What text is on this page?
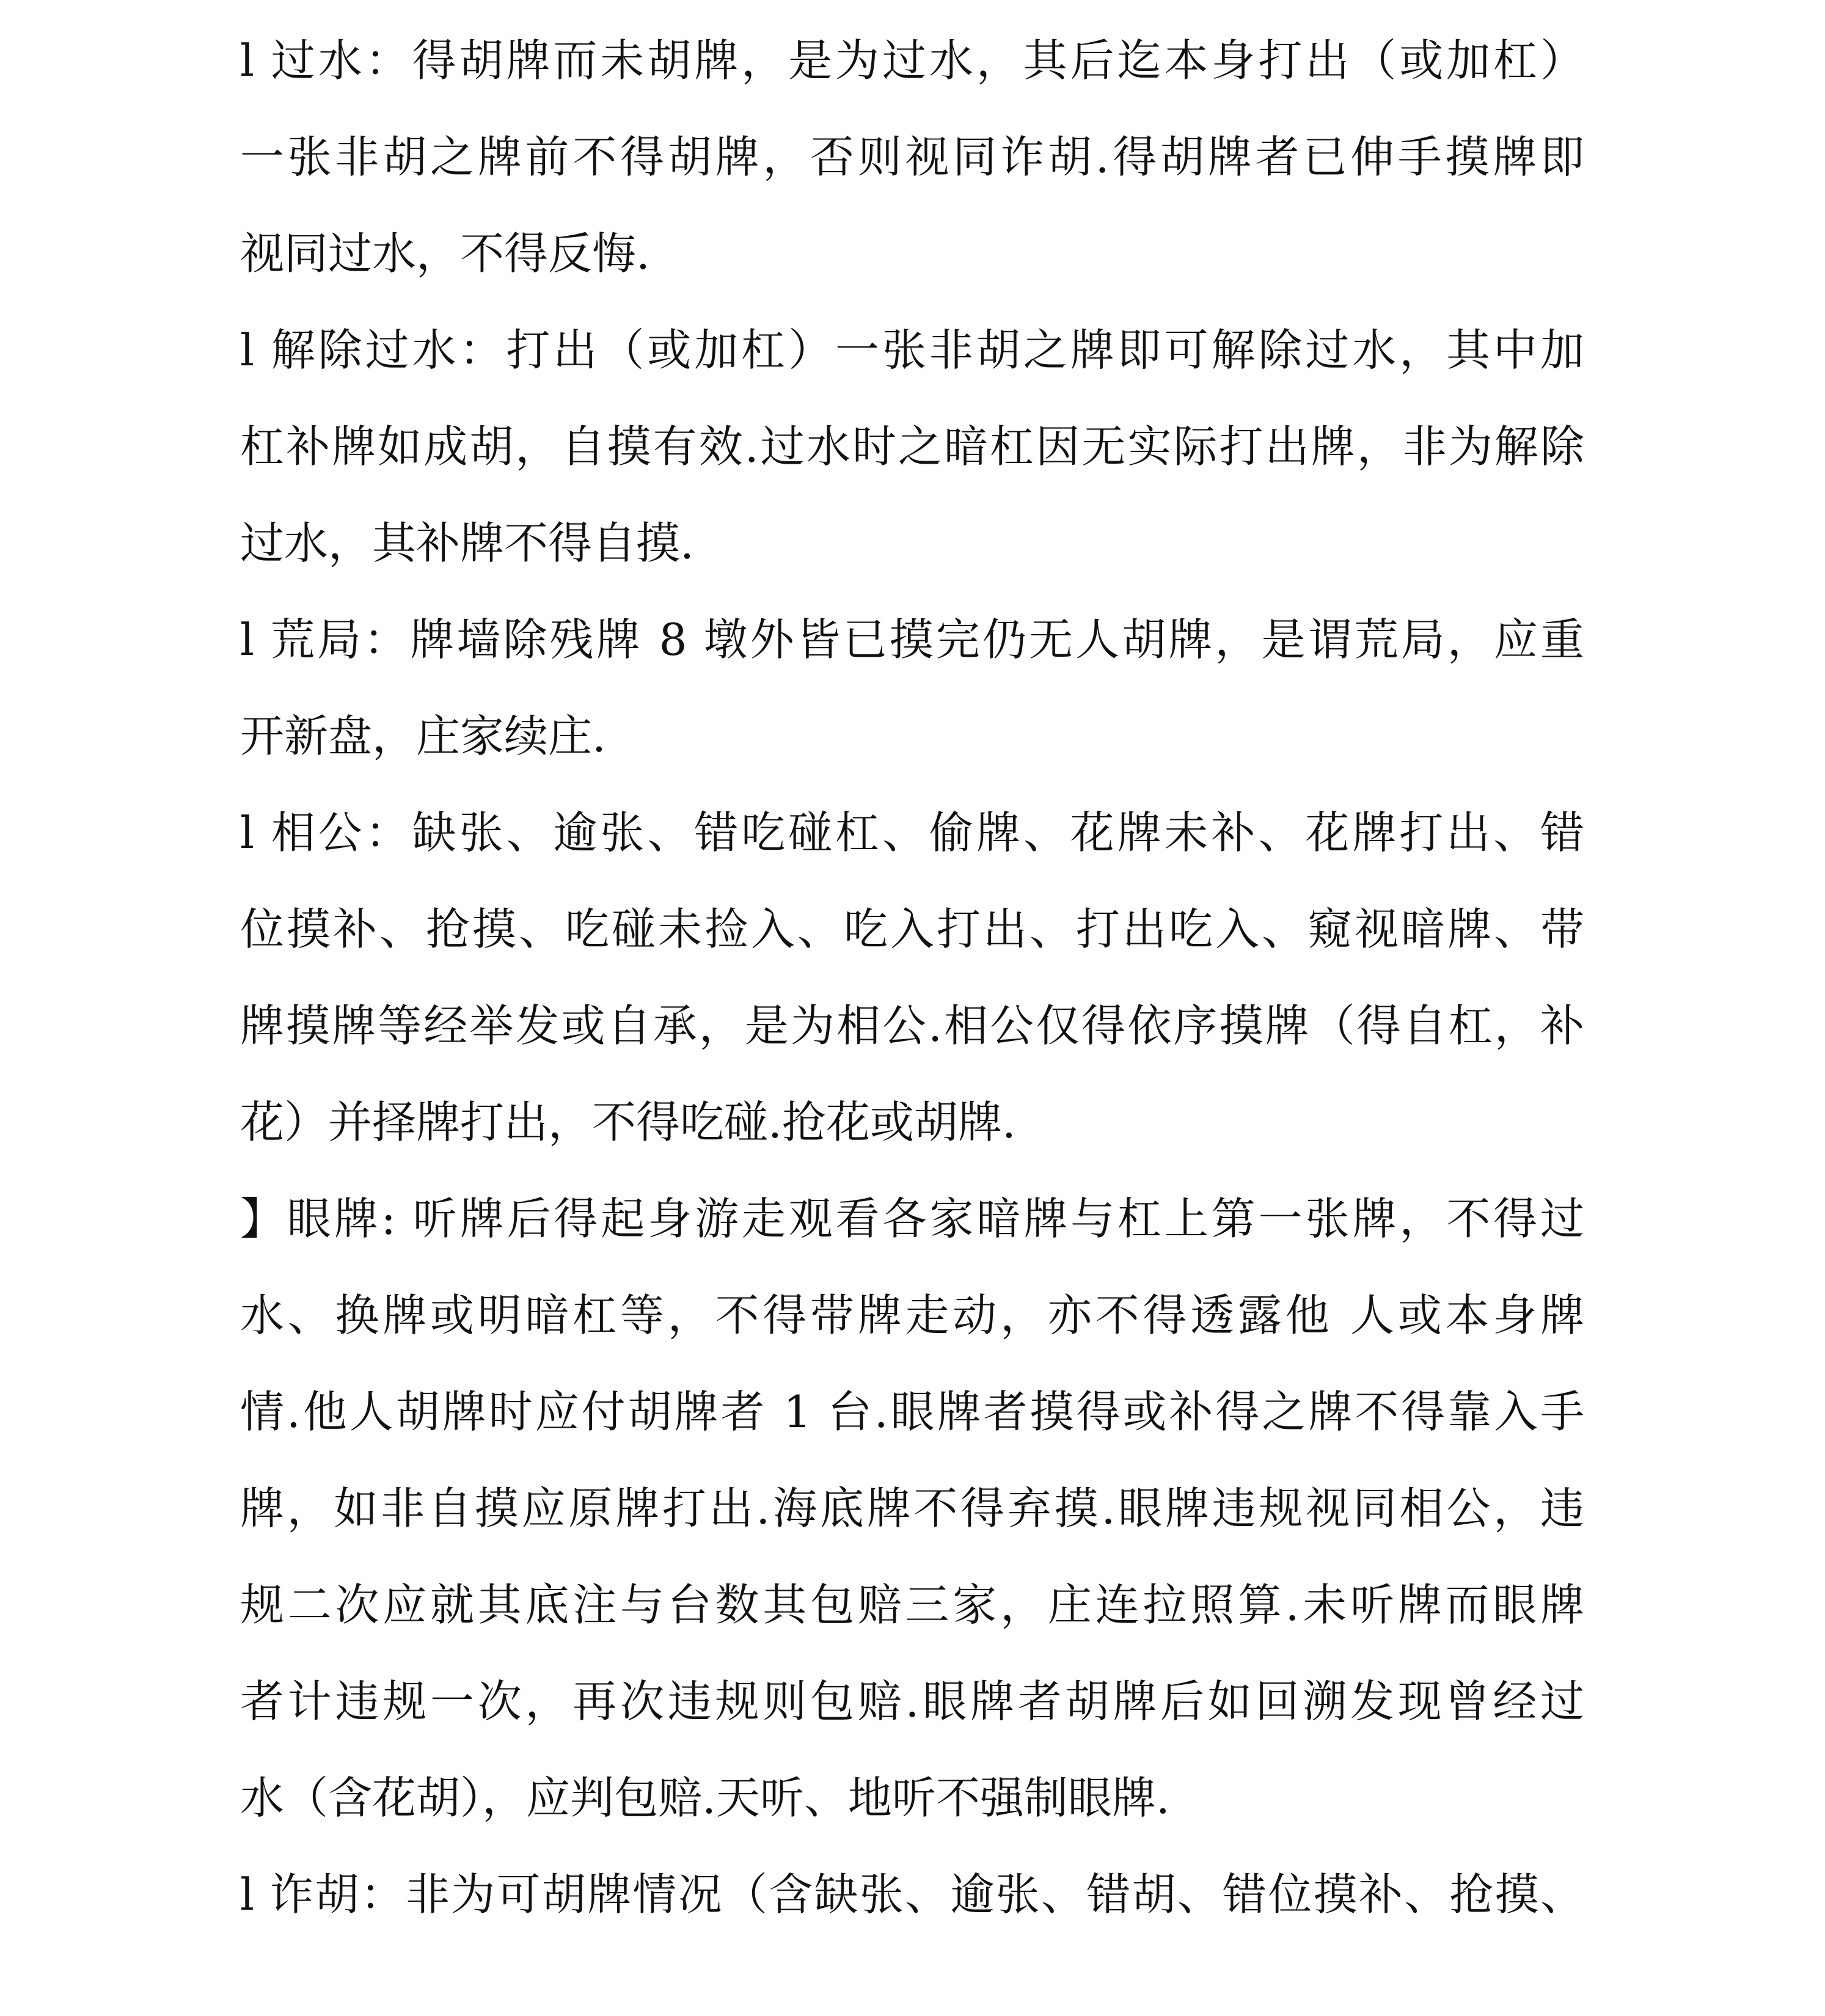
l 过水：得胡牌而未胡牌，是为过水，其后迄本身打出（或加杠）
一张非胡之牌前不得胡牌，否则视同诈胡.得胡牌者已伸手摸牌即
视同过水，不得反悔.
l 解除过水：打出（或加杠）一张非胡之牌即可解除过水，其中加
杠补牌如成胡，自摸有效.过水时之暗杠因无实际打出牌，非为解除
过水，其补牌不得自摸.
l 荒局：牌墙除残牌 8 墩外皆已摸完仍无人胡牌，是谓荒局，应重
开新盘，庄家续庄.
l 相公：缺张、逾张、错吃碰杠、偷牌、花牌未补、花牌打出、错
位摸补、抢摸、吃碰未捡入、吃入打出、打出吃入、窥视暗牌、带
牌摸牌等经举发或自承，是为相公.相公仅得依序摸牌（得自杠，补
花）并择牌打出，不得吃碰.抢花或胡牌.
】眼牌: 听牌后得起身游走观看各家暗牌与杠上第一张牌，不得过
水、换牌或明暗杠等，不得带牌走动，亦不得透露他 人或本身牌
情.他人胡牌时应付胡牌者 1 台.眼牌者摸得或补得之牌不得靠入手
牌，如非自摸应原牌打出.海底牌不得弃摸.眼牌违规视同相公，违
规二次应就其底注与台数其包赔三家，庄连拉照算.未听牌而眼牌
者计违规一次，再次违规则包赔.眼牌者胡牌后如回溯发现曾经过
水（含花胡），应判包赔.天听、地听不强制眼牌.
l 诈胡：非为可胡牌情况（含缺张、逾张、错胡、错位摸补、抢摸、
